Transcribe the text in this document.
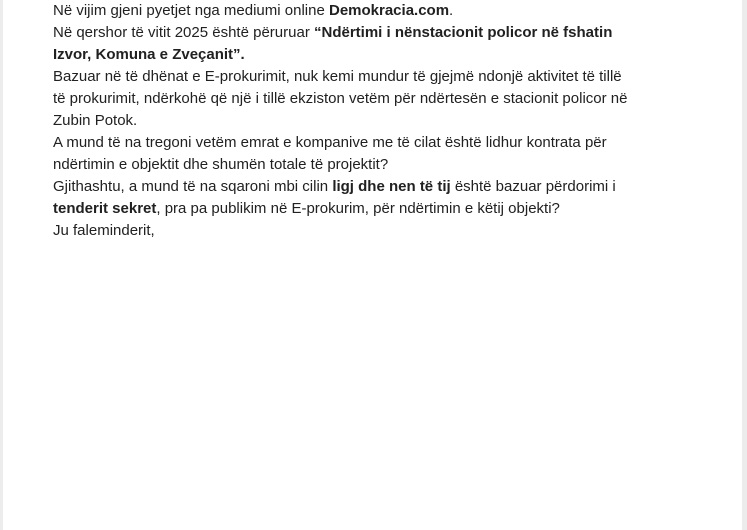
Në vijim gjeni pyetjet nga mediumi online Demokracia.com.

Në qershor të vitit 2025 është përuruar “Ndërtimi i nënstacionit policor në fshatin
Izvor, Komuna e Zveçanit”.

Bazuar në të dhënat e E-prokurimit, nuk kemi mundur të gjejmë ndonjë aktivitet të tillë
të prokurimit, ndërkohë që një i tillë ekziston vetëm për ndërtesën e stacionit policor në
Zubin Potok.

A mund të na tregoni vetëm emrat e kompanive me të cilat është lidhur kontrata për
ndërtimin e objektit dhe shumën totale të projektit?

Gjithashtu, a mund të na sqaroni mbi cilin ligj dhe nen të tij është bazuar përdorimi i
tenderit sekret, pra pa publikim në E-prokurim, për ndërtimin e këtij objekti?

Ju faleminderit,
